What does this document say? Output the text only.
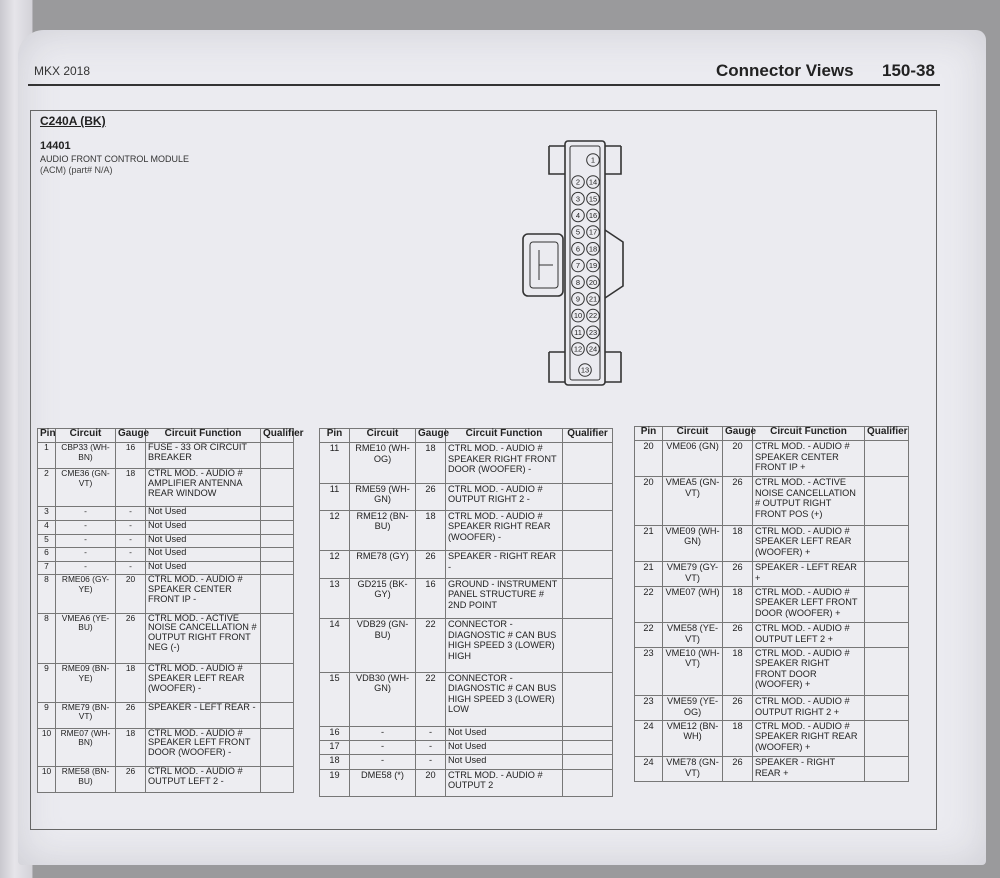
MKX 2018	Connector Views 150-38
C240A (BK)
14401
AUDIO FRONT CONTROL MODULE
(ACM) (part# N/A)
1
2 14
3 15
4 16
5 17
6 18
7 19
8 20
9 21
10 22
11 23
12 24
13
Pin	Circuit	Gauge	Circuit Function	Qualifier
1	CBP33 (WH-BN)	16	FUSE - 33 OR CIRCUIT BREAKER	
2	CME36 (GN-VT)	18	CTRL MOD. - AUDIO # AMPLIFIER ANTENNA REAR WINDOW	
3	-	-	Not Used	
4	-	-	Not Used	
5	-	-	Not Used	
6	-	-	Not Used	
7	-	-	Not Used	
8	RME06 (GY-YE)	20	CTRL MOD. - AUDIO # SPEAKER CENTER FRONT IP -	
8	VMEA6 (YE-BU)	26	CTRL MOD. - ACTIVE NOISE CANCELLATION # OUTPUT RIGHT FRONT NEG (-)	
9	RME09 (BN-YE)	18	CTRL MOD. - AUDIO # SPEAKER LEFT REAR (WOOFER) -	
9	RME79 (BN-VT)	26	SPEAKER - LEFT REAR -	
10	RME07 (WH-BN)	18	CTRL MOD. - AUDIO # SPEAKER LEFT FRONT DOOR (WOOFER) -	
10	RME58 (BN-BU)	26	CTRL MOD. - AUDIO # OUTPUT LEFT 2 -	
Pin	Circuit	Gauge	Circuit Function	Qualifier
11	RME10 (WH-OG)	18	CTRL MOD. - AUDIO # SPEAKER RIGHT FRONT DOOR (WOOFER) -	
11	RME59 (WH-GN)	26	CTRL MOD. - AUDIO # OUTPUT RIGHT 2 -	
12	RME12 (BN-BU)	18	CTRL MOD. - AUDIO # SPEAKER RIGHT REAR (WOOFER) -	
12	RME78 (GY)	26	SPEAKER - RIGHT REAR -	
13	GD215 (BK-GY)	16	GROUND - INSTRUMENT PANEL STRUCTURE # 2ND POINT	
14	VDB29 (GN-BU)	22	CONNECTOR - DIAGNOSTIC # CAN BUS HIGH SPEED 3 (LOWER) HIGH	
15	VDB30 (WH-GN)	22	CONNECTOR - DIAGNOSTIC # CAN BUS HIGH SPEED 3 (LOWER) LOW	
16	-	-	Not Used	
17	-	-	Not Used	
18	-	-	Not Used	
19	DME58 (*)	20	CTRL MOD. - AUDIO # OUTPUT 2	
Pin	Circuit	Gauge	Circuit Function	Qualifier
20	VME06 (GN)	20	CTRL MOD. - AUDIO # SPEAKER CENTER FRONT IP +	
20	VMEA5 (GN-VT)	26	CTRL MOD. - ACTIVE NOISE CANCELLATION # OUTPUT RIGHT FRONT POS (+)	
21	VME09 (WH-GN)	18	CTRL MOD. - AUDIO # SPEAKER LEFT REAR (WOOFER) +	
21	VME79 (GY-VT)	26	SPEAKER - LEFT REAR +	
22	VME07 (WH)	18	CTRL MOD. - AUDIO # SPEAKER LEFT FRONT DOOR (WOOFER) +	
22	VME58 (YE-VT)	26	CTRL MOD. - AUDIO # OUTPUT LEFT 2 +	
23	VME10 (WH-VT)	18	CTRL MOD. - AUDIO # SPEAKER RIGHT FRONT DOOR (WOOFER) +	
23	VME59 (YE-OG)	26	CTRL MOD. - AUDIO # OUTPUT RIGHT 2 +	
24	VME12 (BN-WH)	18	CTRL MOD. - AUDIO # SPEAKER RIGHT REAR (WOOFER) +	
24	VME78 (GN-VT)	26	SPEAKER - RIGHT REAR +	
